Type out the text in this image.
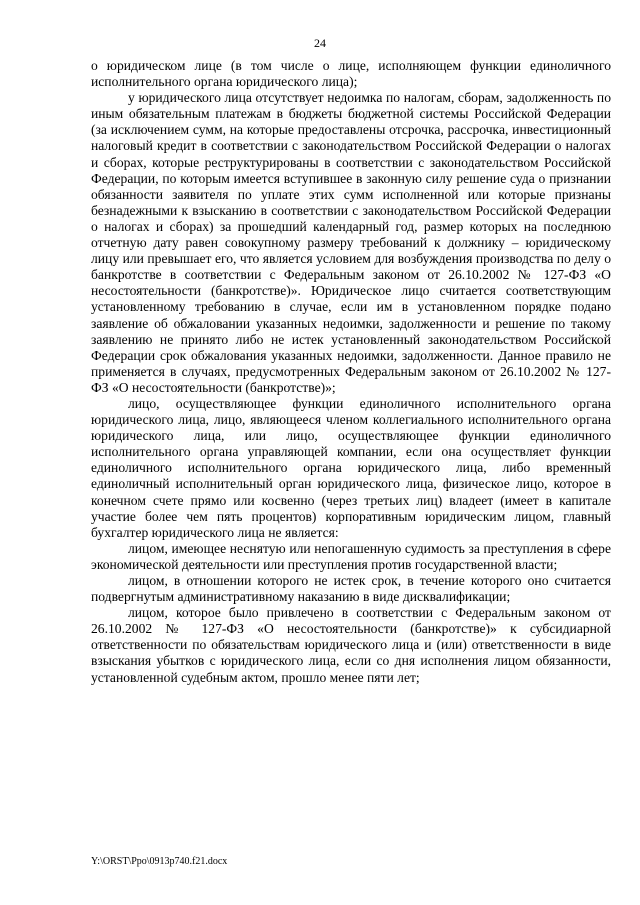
24

о юридическом лице (в том числе о лице, исполняющем функции единоличного исполнительного органа юридического лица);

у юридического лица отсутствует недоимка по налогам, сборам, задолженность по иным обязательным платежам в бюджеты бюджетной системы Российской Федерации (за исключением сумм, на которые предоставлены отсрочка, рассрочка, инвестиционный налоговый кредит в соответствии с законодательством Российской Федерации о налогах и сборах, которые реструктурированы в соответствии с законодательством Российской Федерации, по которым имеется вступившее в законную силу решение суда о признании обязанности заявителя по уплате этих сумм исполненной или которые признаны безнадежными к взысканию в соответствии с законодательством Российской Федерации о налогах и сборах) за прошедший календарный год, размер которых на последнюю отчетную дату равен совокупному размеру требований к должнику – юридическому лицу или превышает его, что является условием для возбуждения производства по делу о банкротстве в соответствии с Федеральным законом от 26.10.2002 № 127-ФЗ «О несостоятельности (банкротстве)». Юридическое лицо считается соответствующим установленному требованию в случае, если им в установленном порядке подано заявление об обжаловании указанных недоимки, задолженности и решение по такому заявлению не принято либо не истек установленный законодательством Российской Федерации срок обжалования указанных недоимки, задолженности. Данное правило не применяется в случаях, предусмотренных Федеральным законом от 26.10.2002 № 127-ФЗ «О несостоятельности (банкротстве)»;

лицо, осуществляющее функции единоличного исполнительного органа юридического лица, лицо, являющееся членом коллегиального исполнительного органа юридического лица, или лицо, осуществляющее функции единоличного исполнительного органа управляющей компании, если она осуществляет функции единоличного исполнительного органа юридического лица, либо временный единоличный исполнительный орган юридического лица, физическое лицо, которое в конечном счете прямо или косвенно (через третьих лиц) владеет (имеет в капитале участие более чем пять процентов) корпоративным юридическим лицом, главный бухгалтер юридического лица не является:

лицом, имеющее неснятую или непогашенную судимость за преступления в сфере экономической деятельности или преступления против государственной власти;

лицом, в отношении которого не истек срок, в течение которого оно считается подвергнутым административному наказанию в виде дисквалификации;

лицом, которое было привлечено в соответствии с Федеральным законом от 26.10.2002 № 127-ФЗ «О несостоятельности (банкротстве)» к субсидиарной ответственности по обязательствам юридического лица и (или) ответственности в виде взыскания убытков с юридического лица, если со дня исполнения лицом обязанности, установленной судебным актом, прошло менее пяти лет;

Y:\ORST\Ppo\0913p740.f21.docx
